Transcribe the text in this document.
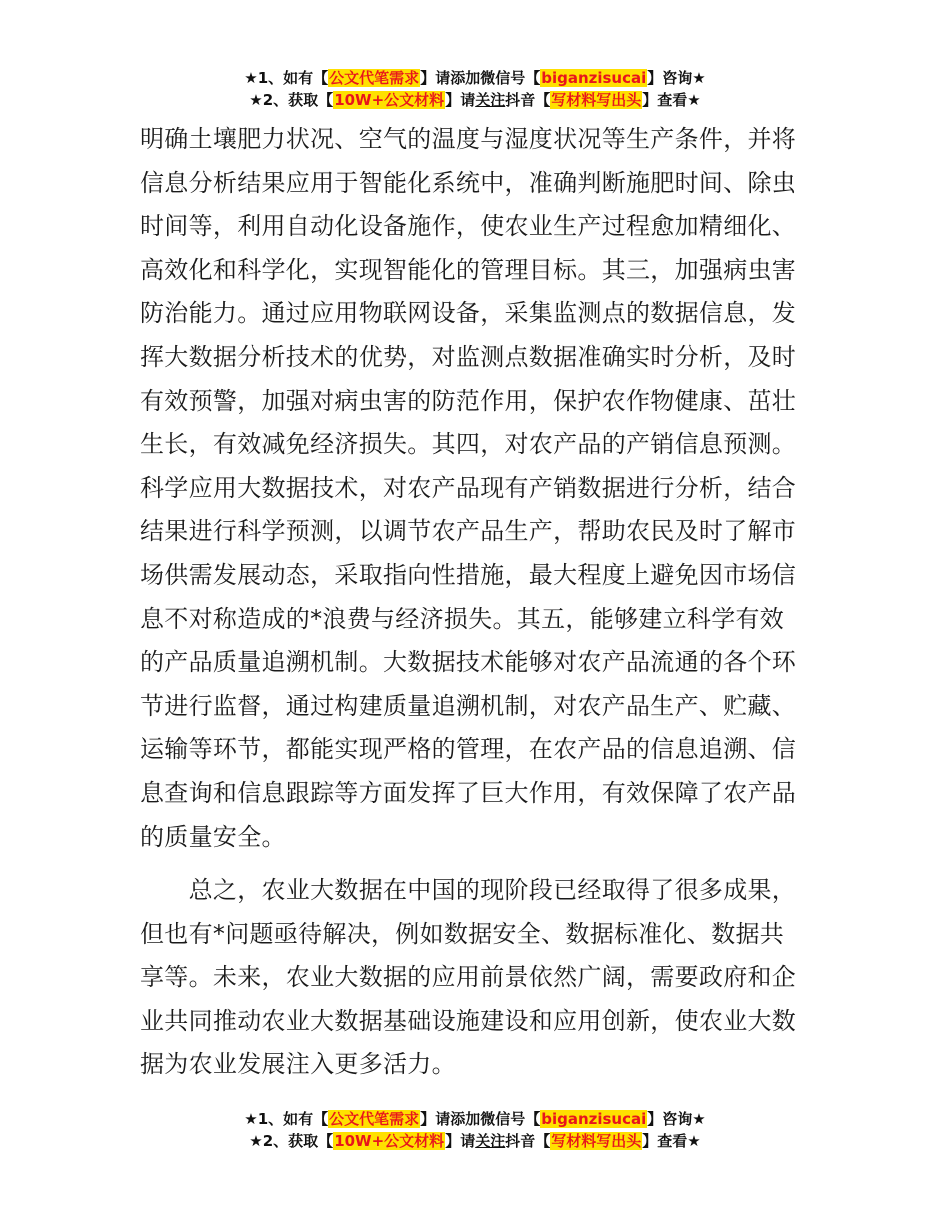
★1、如有【公文代笔需求】请添加微信号【biganzisucai】咨询★
★2、获取【10W+公文材料】请关注抖音【写材料写出头】查看★

明确土壤肥力状况、空气的温度与湿度状况等生产条件，并将
信息分析结果应用于智能化系统中，准确判断施肥时间、除虫
时间等，利用自动化设备施作，使农业生产过程愈加精细化、
高效化和科学化，实现智能化的管理目标。其三，加强病虫害
防治能力。通过应用物联网设备，采集监测点的数据信息，发
挥大数据分析技术的优势，对监测点数据准确实时分析，及时
有效预警，加强对病虫害的防范作用，保护农作物健康、茁壮
生长，有效减免经济损失。其四，对农产品的产销信息预测。
科学应用大数据技术，对农产品现有产销数据进行分析，结合
结果进行科学预测，以调节农产品生产，帮助农民及时了解市
场供需发展动态，采取指向性措施，最大程度上避免因市场信
息不对称造成的*浪费与经济损失。其五，能够建立科学有效
的产品质量追溯机制。大数据技术能够对农产品流通的各个环
节进行监督，通过构建质量追溯机制，对农产品生产、贮藏、
运输等环节，都能实现严格的管理，在农产品的信息追溯、信
息查询和信息跟踪等方面发挥了巨大作用，有效保障了农产品
的质量安全。

　　总之，农业大数据在中国的现阶段已经取得了很多成果，
但也有*问题亟待解决，例如数据安全、数据标准化、数据共
享等。未来，农业大数据的应用前景依然广阔，需要政府和企
业共同推动农业大数据基础设施建设和应用创新，使农业大数
据为农业发展注入更多活力。

★1、如有【公文代笔需求】请添加微信号【biganzisucai】咨询★
★2、获取【10W+公文材料】请关注抖音【写材料写出头】查看★
